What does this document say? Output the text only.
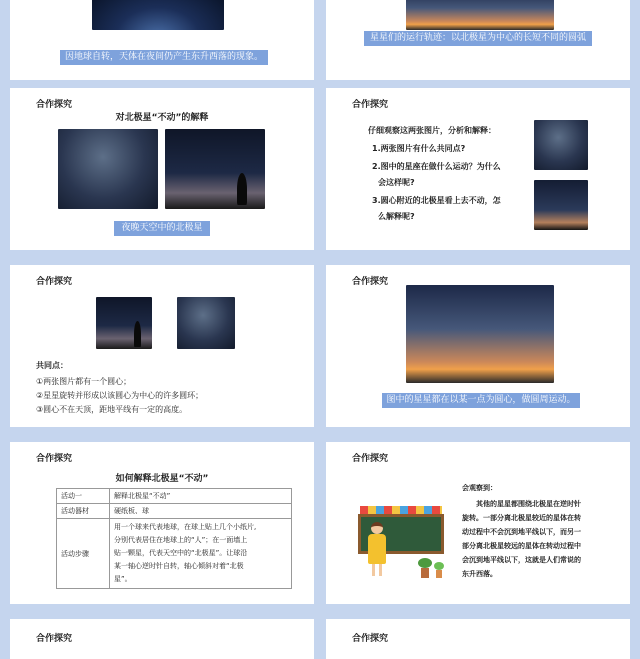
因地球自转，天体在夜间仍产生东升西落的现象。
星星们的运行轨迹：以北极星为中心的长短不同的圆弧
合作探究
对北极星“不动”的解释
夜晚天空中的北极星
合作探究
仔细观察这两张图片，分析和解释：
1.两张图片有什么共同点?
2.图中的星座在做什么运动？为什么
会这样呢?
3.圆心附近的北极星看上去不动，怎
么解释呢?
合作探究
共同点：
①两张图片都有一个圆心；
②星星旋转并形成以该圆心为中心的许多圆环；
③圆心不在天顶，距地平线有一定的高度。
合作探究
图中的星星都在以某一点为圆心，做圆周运动。
合作探究
如何解释北极星“不动”
活动一	解释北极星“不动”
活动器材	硬纸板、球
活动步骤	用一个球来代表地球，在球上贴上几个小纸片,
分别代表居住在地球上的“人”；在一面墙上
贴一颗星，代表天空中的“北极星”。让球沿
某一轴心逆时针自转，轴心倾斜对着“北极
星”。
合作探究
会观察到：
其他的星星都围绕北极星在逆时针
旋转。一部分离北极星较近的星体在转
动过程中不会沉到地平线以下，而另一
部分离北极星较远的星体在转动过程中
会沉到地平线以下，这就是人们常说的
东升西落。
合作探究	合作探究
